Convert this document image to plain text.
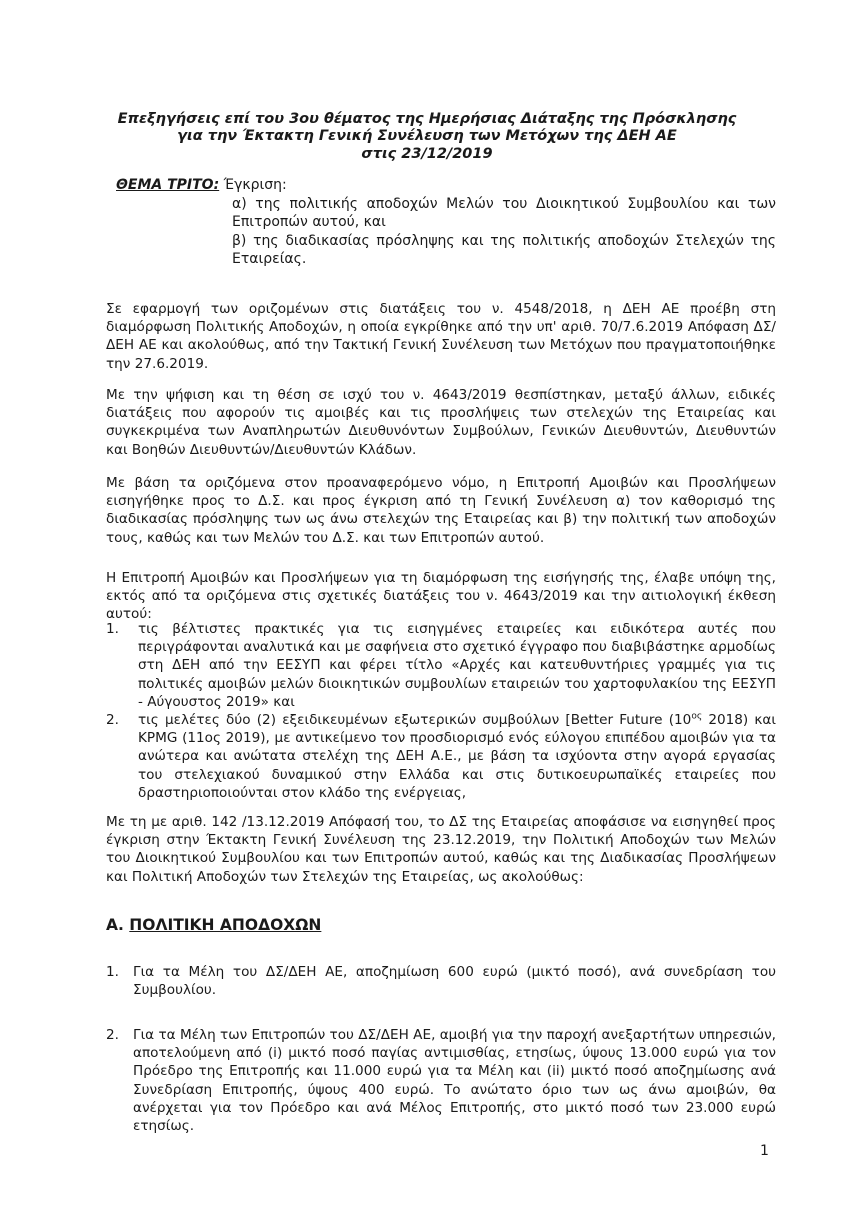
Επεξηγήσεις επί του 3ου θέματος της Ημερήσιας Διάταξης της Πρόσκλησης
για την Έκτακτη Γενική Συνέλευση των Μετόχων της ΔΕΗ ΑΕ
στις 23/12/2019
ΘΕΜΑ ΤΡΙΤΟ: Έγκριση:
α) της πολιτικής αποδοχών Μελών του Διοικητικού Συμβουλίου και των Επιτροπών αυτού, και
β) της διαδικασίας πρόσληψης και της πολιτικής αποδοχών Στελεχών της Εταιρείας.

Σε εφαρμογή των οριζομένων στις διατάξεις του ν. 4548/2018, η ΔΕΗ ΑΕ προέβη στη διαμόρφωση Πολιτικής Αποδοχών, η οποία εγκρίθηκε από την υπ' αριθ. 70/7.6.2019 Απόφαση ΔΣ/ΔΕΗ ΑΕ και ακολούθως, από την Τακτική Γενική Συνέλευση των Μετόχων που πραγματοποιήθηκε την 27.6.2019.

Με την ψήφιση και τη θέση σε ισχύ του ν. 4643/2019 θεσπίστηκαν, μεταξύ άλλων, ειδικές διατάξεις που αφορούν τις αμοιβές και τις προσλήψεις των στελεχών της Εταιρείας και συγκεκριμένα των Αναπληρωτών Διευθυνόντων Συμβούλων, Γενικών Διευθυντών, Διευθυντών και Βοηθών Διευθυντών/Διευθυντών Κλάδων.

Με βάση τα οριζόμενα στον προαναφερόμενο νόμο, η Επιτροπή Αμοιβών και Προσλήψεων εισηγήθηκε προς το Δ.Σ. και προς έγκριση από τη Γενική Συνέλευση α) τον καθορισμό της διαδικασίας πρόσληψης των ως άνω στελεχών της Εταιρείας και β) την πολιτική των αποδοχών τους, καθώς και των Μελών του Δ.Σ. και των Επιτροπών αυτού.

Η Επιτροπή Αμοιβών και Προσλήψεων για τη διαμόρφωση της εισήγησής της, έλαβε υπόψη της, εκτός από τα οριζόμενα στις σχετικές διατάξεις του ν. 4643/2019 και την αιτιολογική έκθεση αυτού:

1. τις βέλτιστες πρακτικές για τις εισηγμένες εταιρείες και ειδικότερα αυτές που περιγράφονται αναλυτικά και με σαφήνεια στο σχετικό έγγραφο που διαβιβάστηκε αρμοδίως στη ΔΕΗ από την ΕΕΣΥΠ και φέρει τίτλο «Αρχές και κατευθυντήριες γραμμές για τις πολιτικές αμοιβών μελών διοικητικών συμβουλίων εταιρειών του χαρτοφυλακίου της ΕΕΣΥΠ - Αύγουστος 2019» και
2. τις μελέτες δύο (2) εξειδικευμένων εξωτερικών συμβούλων [Better Future ($10^{o\varsigma}$ 2018) και KPMG (11ος 2019), με αντικείμενο τον προσδιορισμό ενός εύλογου επιπέδου αμοιβών για τα ανώτερα και ανώτατα στελέχη της ΔΕΗ Α.Ε., με βάση τα ισχύοντα στην αγορά εργασίας του στελεχιακού δυναμικού στην Ελλάδα και στις δυτικοευρωπαϊκές εταιρείες που δραστηριοποιούνται στον κλάδο της ενέργειας,

Με τη με αριθ. 142 /13.12.2019 Απόφασή του, το ΔΣ της Εταιρείας αποφάσισε να εισηγηθεί προς έγκριση στην Έκτακτη Γενική Συνέλευση της 23.12.2019, την Πολιτική Αποδοχών των Μελών του Διοικητικού Συμβουλίου και των Επιτροπών αυτού, καθώς και της Διαδικασίας Προσλήψεων και Πολιτική Αποδοχών των Στελεχών της Εταιρείας, ως ακολούθως:

Α. ΠΟΛΙΤΙΚΗ ΑΠΟΔΟΧΩΝ
1. Για τα Μέλη του ΔΣ/ΔΕΗ ΑΕ, αποζημίωση 600 ευρώ (μικτό ποσό), ανά συνεδρίαση του Συμβουλίου.
2. Για τα Μέλη των Επιτροπών του ΔΣ/ΔΕΗ ΑΕ, αμοιβή για την παροχή ανεξαρτήτων υπηρεσιών, αποτελούμενη από (i) μικτό ποσό παγίας αντιμισθίας, ετησίως, ύψους 13.000 ευρώ για τον Πρόεδρο της Επιτροπής και 11.000 ευρώ για τα Μέλη και (ii) μικτό ποσό αποζημίωσης ανά Συνεδρίαση Επιτροπής, ύψους 400 ευρώ. Το ανώτατο όριο των ως άνω αμοιβών, θα ανέρχεται για τον Πρόεδρο και ανά Μέλος Επιτροπής, στο μικτό ποσό των 23.000 ευρώ ετησίως.
1
